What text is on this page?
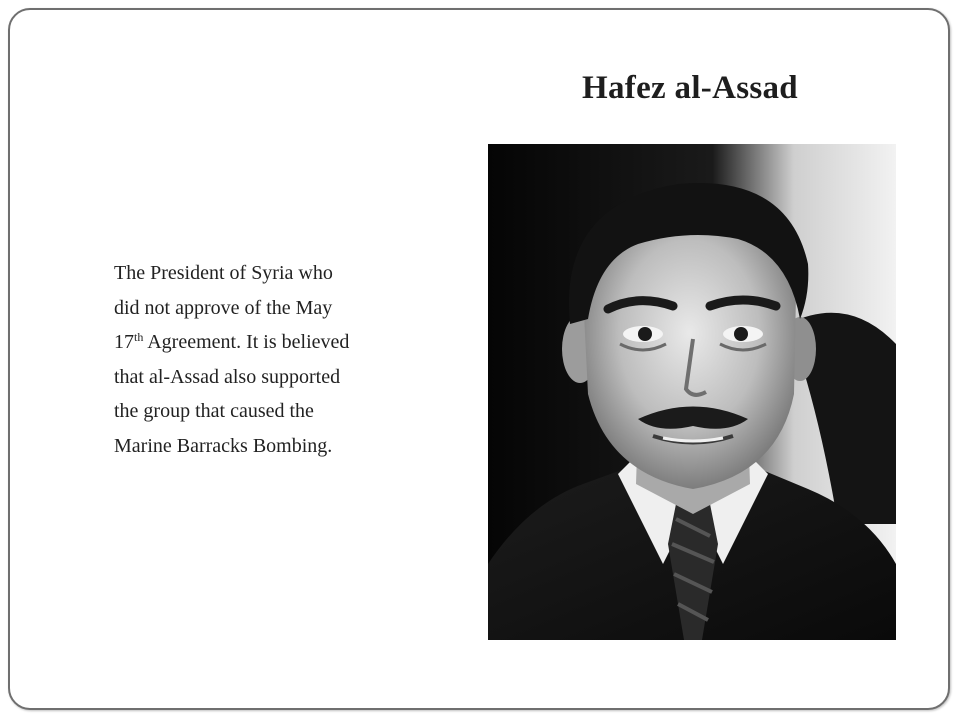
Hafez al-Assad

The President of Syria who
did not approve of the May
17th Agreement. It is believed
that al-Assad also supported
the group that caused the
Marine Barracks Bombing.
